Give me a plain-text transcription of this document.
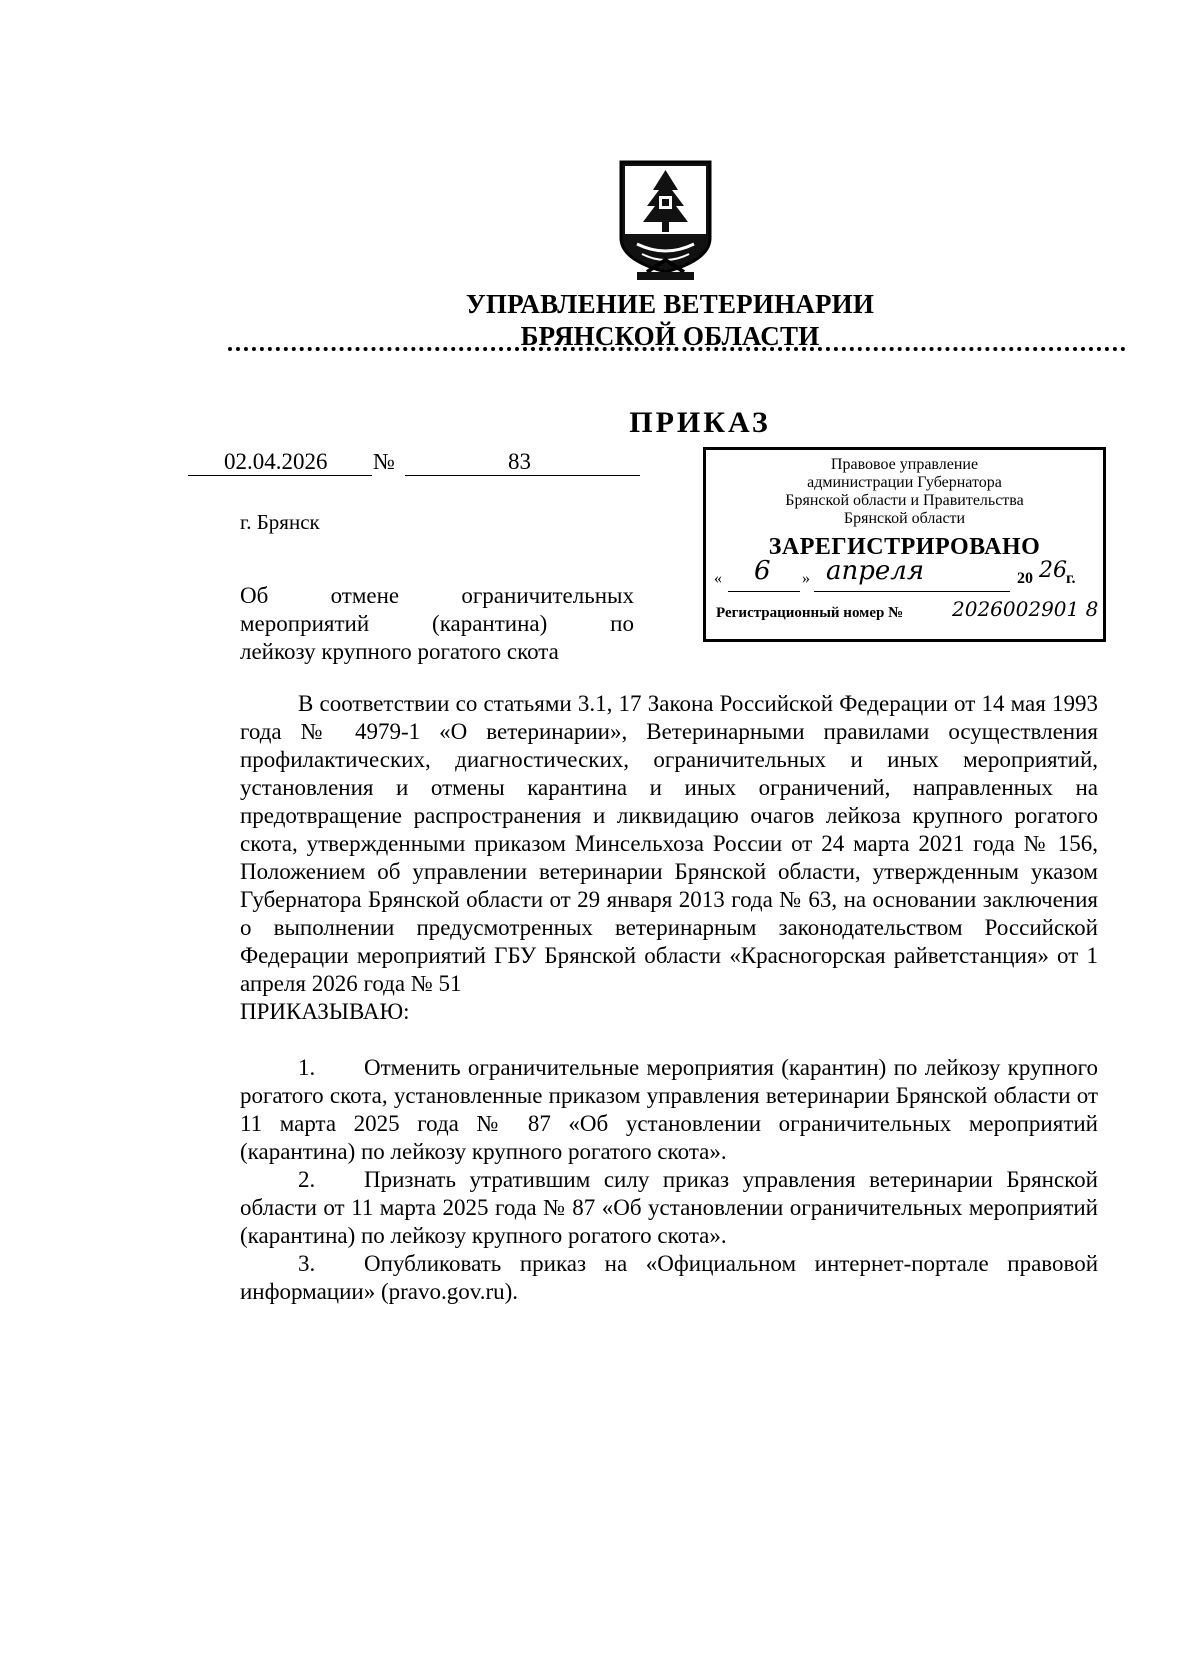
УПРАВЛЕНИЕ ВЕТЕРИНАРИИ
БРЯНСКОЙ ОБЛАСТИ
ПРИКАЗ
02.04.2026 №	83
г. Брянск
Об	отмене	ограничительных
мероприятий	(карантина)	по
лейкозу крупного рогатого скота
Правовое управление
администрации Губернатора
Брянской области и Правительства
Брянской области
ЗАРЕГИСТРИРОВАНО
« 6 » апреля	20 26 г.
Регистрационный номер № 2026002901 8

В соответствии со статьями 3.1, 17 Закона Российской Федерации от 14 мая 1993 года № 4979-1 «О ветеринарии», Ветеринарными правилами осуществления профилактических, диагностических, ограничительных и иных мероприятий, установления и отмены карантина и иных ограничений, направленных на предотвращение распространения и ликвидацию очагов лейкоза крупного рогатого скота, утвержденными приказом Минсельхоза России от 24 марта 2021 года № 156, Положением об управлении ветеринарии Брянской области, утвержденным указом Губернатора Брянской области от 29 января 2013 года № 63, на основании заключения о выполнении предусмотренных ветеринарным законодательством Российской Федерации мероприятий ГБУ Брянской области «Красногорская райветстанция» от 1 апреля 2026 года № 51

ПРИКАЗЫВАЮ:

1. Отменить ограничительные мероприятия (карантин) по лейкозу крупного рогатого скота, установленные приказом управления ветеринарии Брянской области от 11 марта 2025 года № 87 «Об установлении ограничительных мероприятий (карантина) по лейкозу крупного рогатого скота».

2. Признать утратившим силу приказ управления ветеринарии Брянской области от 11 марта 2025 года № 87 «Об установлении ограничительных мероприятий (карантина) по лейкозу крупного рогатого скота».

3. Опубликовать приказ на «Официальном интернет-портале правовой информации» (pravo.gov.ru).
